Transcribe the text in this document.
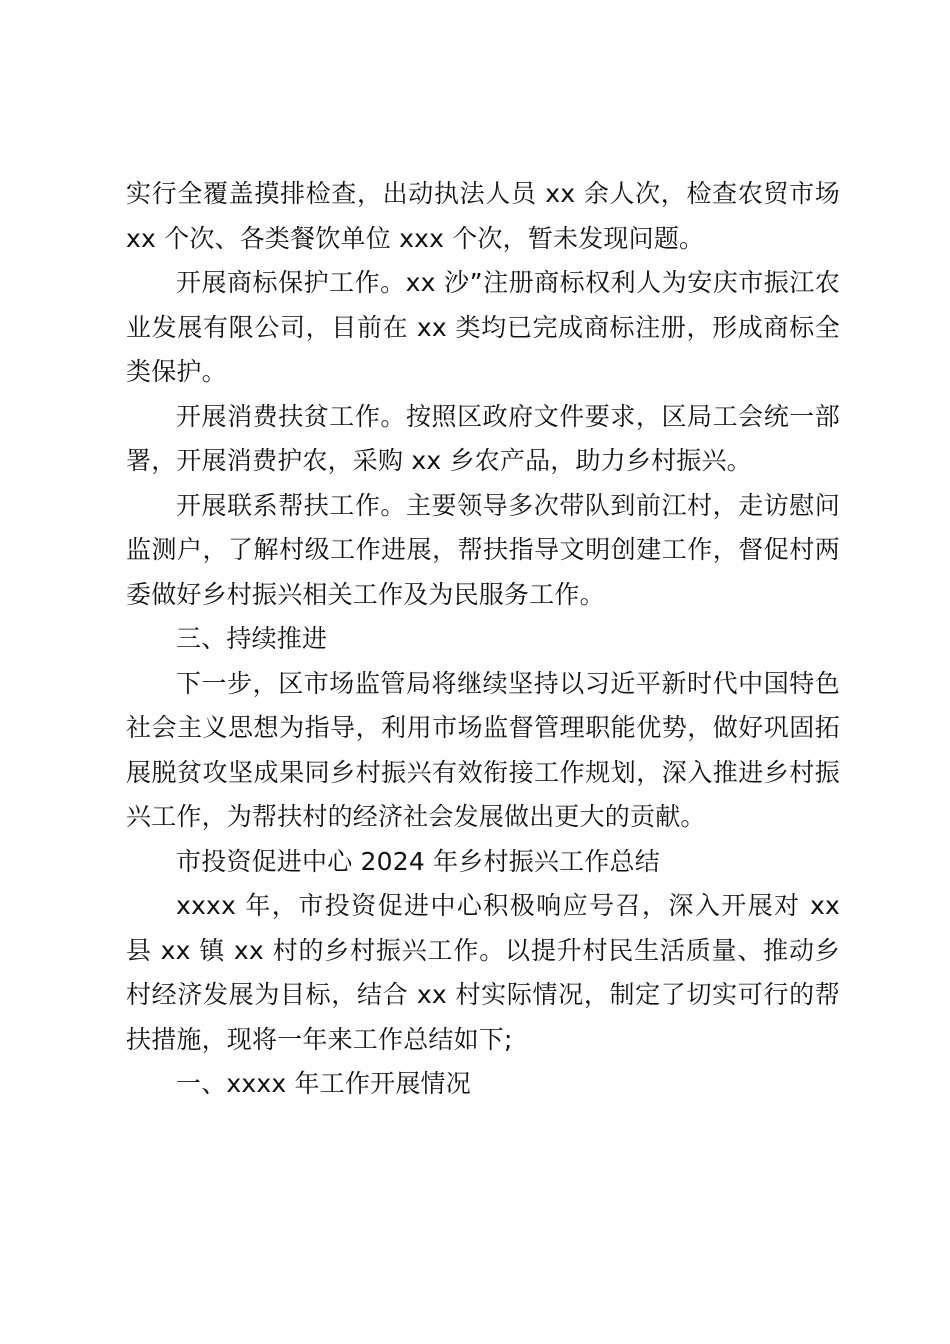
实行全覆盖摸排检查，出动执法人员 xx 余人次，检查农贸市场 xx 个次、各类餐饮单位 xxx 个次，暂未发现问题。

开展商标保护工作。xx 沙”注册商标权利人为安庆市振江农业发展有限公司，目前在 xx 类均已完成商标注册，形成商标全类保护。

开展消费扶贫工作。按照区政府文件要求，区局工会统一部署，开展消费护农，采购 xx 乡农产品，助力乡村振兴。

开展联系帮扶工作。主要领导多次带队到前江村，走访慰问监测户，了解村级工作进展，帮扶指导文明创建工作，督促村两委做好乡村振兴相关工作及为民服务工作。

三、持续推进

下一步，区市场监管局将继续坚持以习近平新时代中国特色社会主义思想为指导，利用市场监督管理职能优势，做好巩固拓展脱贫攻坚成果同乡村振兴有效衔接工作规划，深入推进乡村振兴工作，为帮扶村的经济社会发展做出更大的贡献。

市投资促进中心 2024 年乡村振兴工作总结

xxxx 年，市投资促进中心积极响应号召，深入开展对 xx 县 xx 镇 xx 村的乡村振兴工作。以提升村民生活质量、推动乡村经济发展为目标，结合 xx 村实际情况，制定了切实可行的帮扶措施，现将一年来工作总结如下;

一、xxxx 年工作开展情况
